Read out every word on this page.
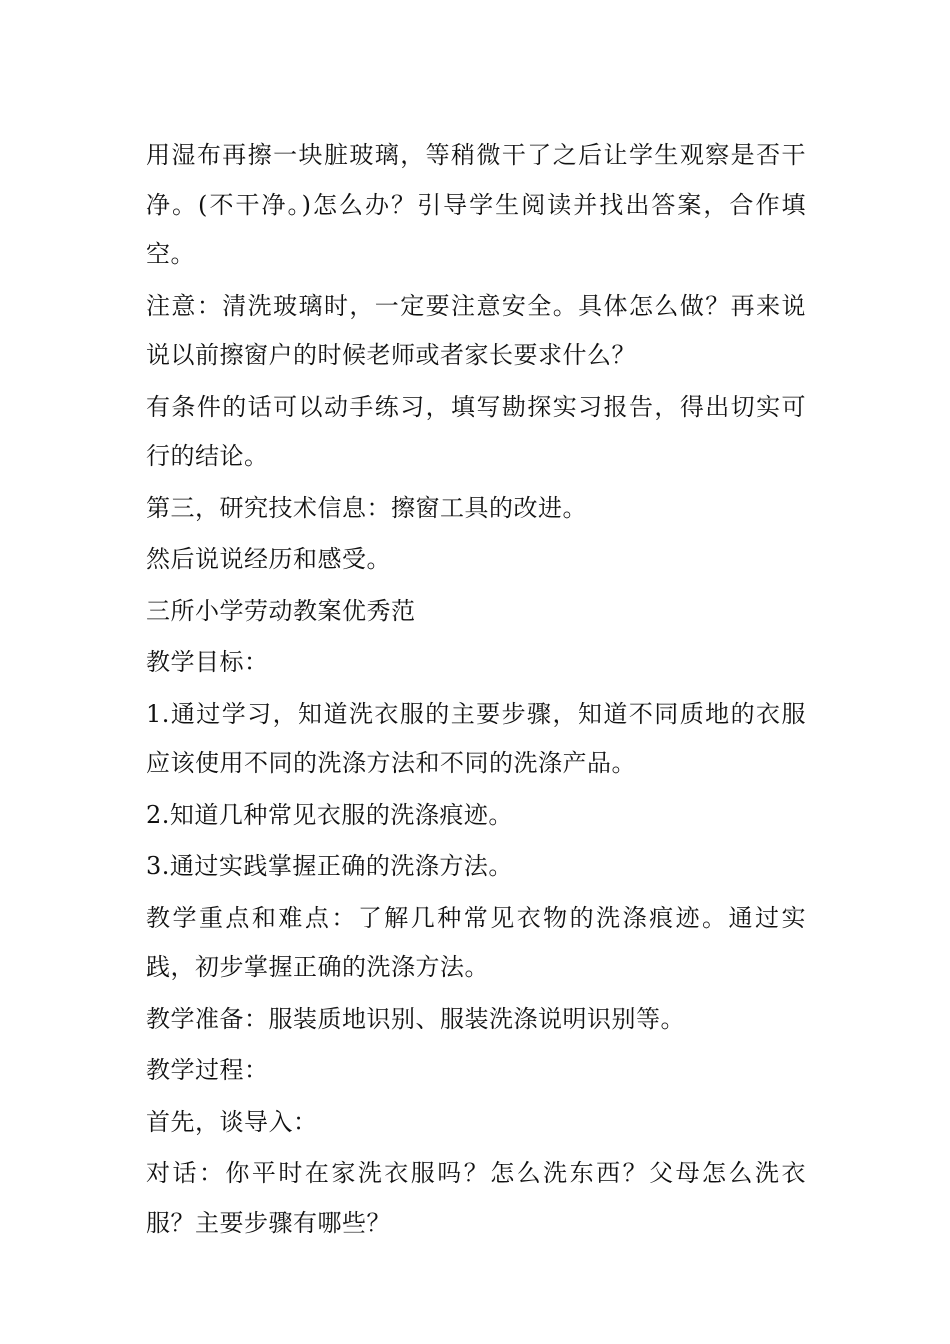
用湿布再擦一块脏玻璃，等稍微干了之后让学生观察是否干净。(不干净。)怎么办？引导学生阅读并找出答案，合作填空。

注意：清洗玻璃时，一定要注意安全。具体怎么做？再来说说以前擦窗户的时候老师或者家长要求什么？

有条件的话可以动手练习，填写勘探实习报告，得出切实可行的结论。

第三，研究技术信息：擦窗工具的改进。

然后说说经历和感受。

三所小学劳动教案优秀范

教学目标：

1.通过学习，知道洗衣服的主要步骤，知道不同质地的衣服应该使用不同的洗涤方法和不同的洗涤产品。

2.知道几种常见衣服的洗涤痕迹。

3.通过实践掌握正确的洗涤方法。

教学重点和难点：了解几种常见衣物的洗涤痕迹。通过实践，初步掌握正确的洗涤方法。

教学准备：服装质地识别、服装洗涤说明识别等。

教学过程：

首先，谈导入：

对话：你平时在家洗衣服吗？怎么洗东西？父母怎么洗衣服？主要步骤有哪些？
